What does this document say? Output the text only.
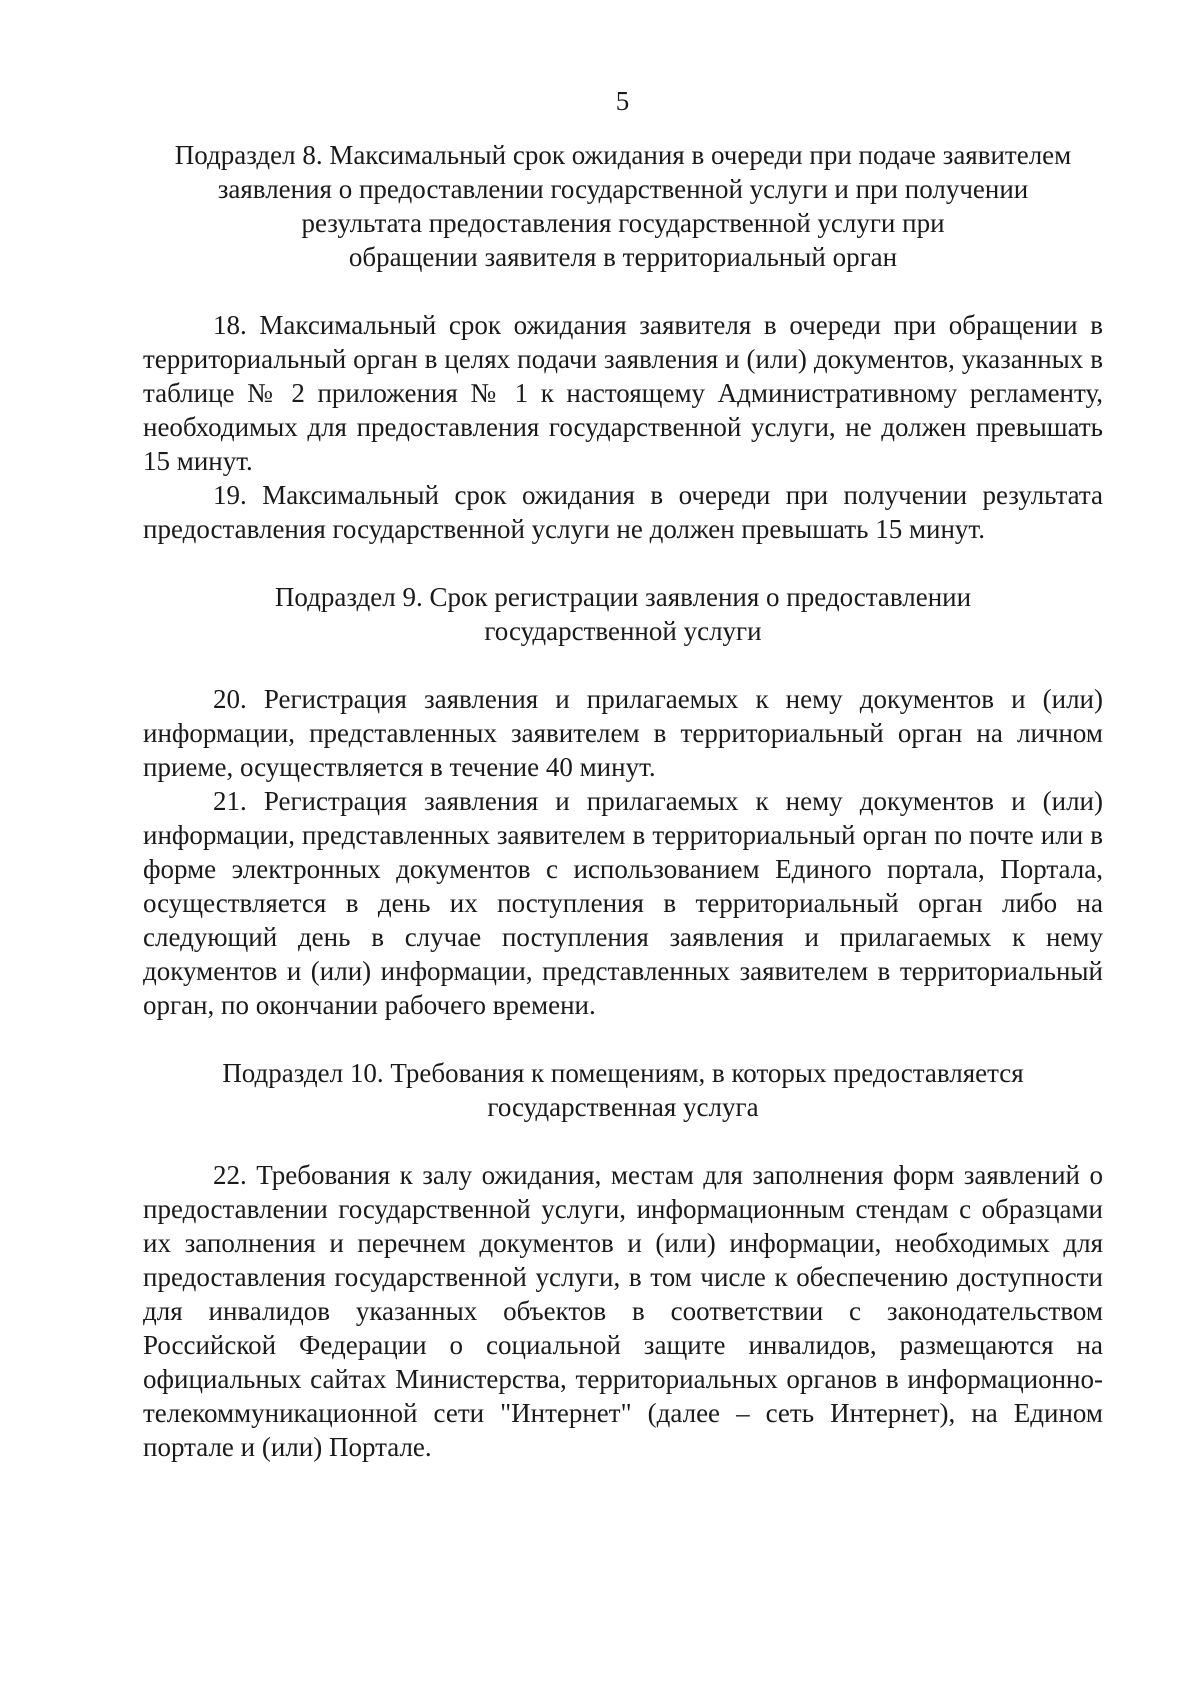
5
Подраздел 8. Максимальный срок ожидания в очереди при подаче заявителем
заявления о предоставлении государственной услуги и при получении
результата предоставления государственной услуги при
обращении заявителя в территориальный орган

18. Максимальный срок ожидания заявителя в очереди при обращении в территориальный орган в целях подачи заявления и (или) документов, указанных в таблице № 2 приложения № 1 к настоящему Административному регламенту, необходимых для предоставления государственной услуги, не должен превышать 15 минут.

19. Максимальный срок ожидания в очереди при получении результата предоставления государственной услуги не должен превышать 15 минут.

Подраздел 9. Срок регистрации заявления о предоставлении
государственной услуги

20. Регистрация заявления и прилагаемых к нему документов и (или) информации, представленных заявителем в территориальный орган на личном приеме, осуществляется в течение 40 минут.

21. Регистрация заявления и прилагаемых к нему документов и (или) информации, представленных заявителем в территориальный орган по почте или в форме электронных документов с использованием Единого портала, Портала, осуществляется в день их поступления в территориальный орган либо на следующий день в случае поступления заявления и прилагаемых к нему документов и (или) информации, представленных заявителем в территориальный орган, по окончании рабочего времени.

Подраздел 10. Требования к помещениям, в которых предоставляется
государственная услуга

22. Требования к залу ожидания, местам для заполнения форм заявлений о предоставлении государственной услуги, информационным стендам с образцами их заполнения и перечнем документов и (или) информации, необходимых для предоставления государственной услуги, в том числе к обеспечению доступности для инвалидов указанных объектов в соответствии с законодательством Российской Федерации о социальной защите инвалидов, размещаются на официальных сайтах Министерства, территориальных органов в информационно-телекоммуникационной сети "Интернет" (далее – сеть Интернет), на Едином портале и (или) Портале.
